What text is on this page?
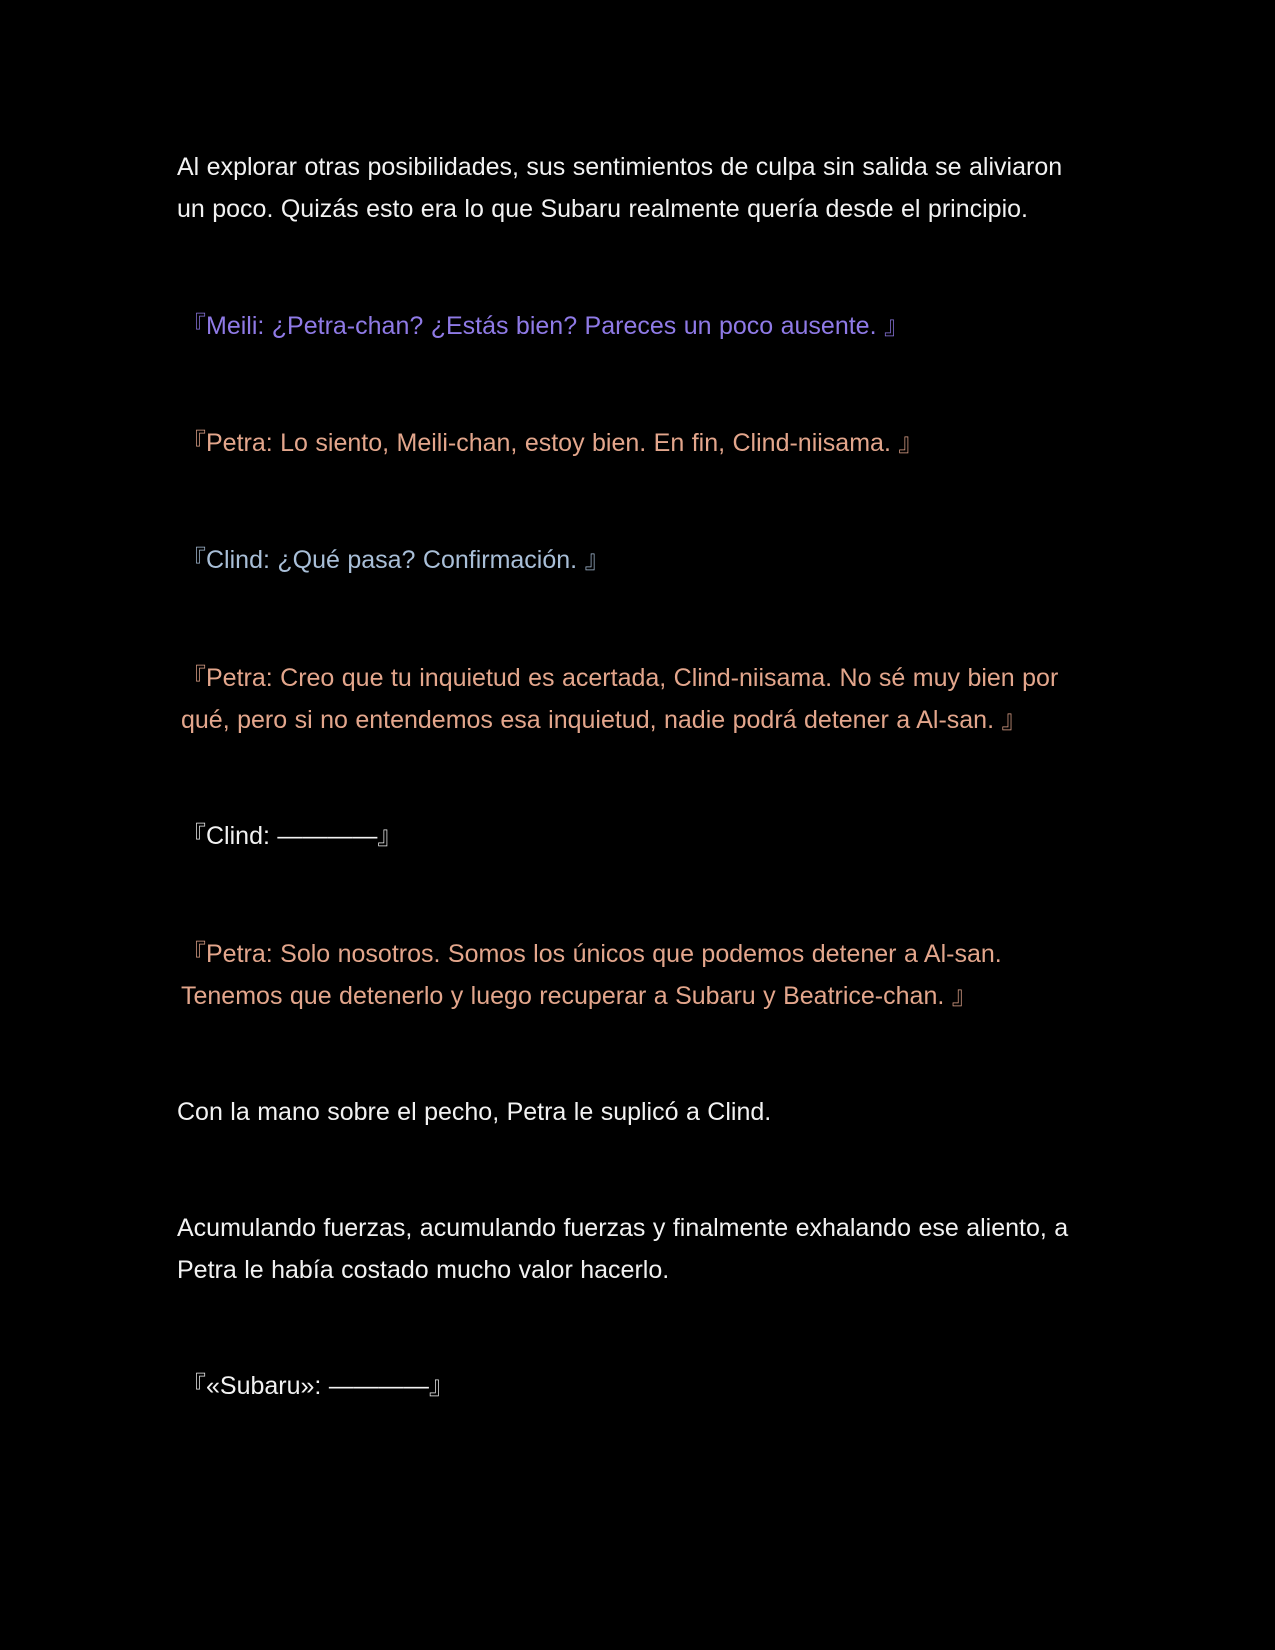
Al explorar otras posibilidades, sus sentimientos de culpa sin salida se aliviaron un poco. Quizás esto era lo que Subaru realmente quería desde el principio.

『Meili: ¿Petra-chan? ¿Estás bien? Pareces un poco ausente. 』

『Petra: Lo siento, Meili-chan, estoy bien. En fin, Clind-niisama. 』

『Clind: ¿Qué pasa? Confirmación. 』

『Petra: Creo que tu inquietud es acertada, Clind-niisama. No sé muy bien por qué, pero si no entendemos esa inquietud, nadie podrá detener a Al-san. 』

『Clind: ————』

『Petra: Solo nosotros. Somos los únicos que podemos detener a Al-san. Tenemos que detenerlo y luego recuperar a Subaru y Beatrice-chan. 』

Con la mano sobre el pecho, Petra le suplicó a Clind.

Acumulando fuerzas, acumulando fuerzas y finalmente exhalando ese aliento, a Petra le había costado mucho valor hacerlo.

『«Subaru»: ————』
